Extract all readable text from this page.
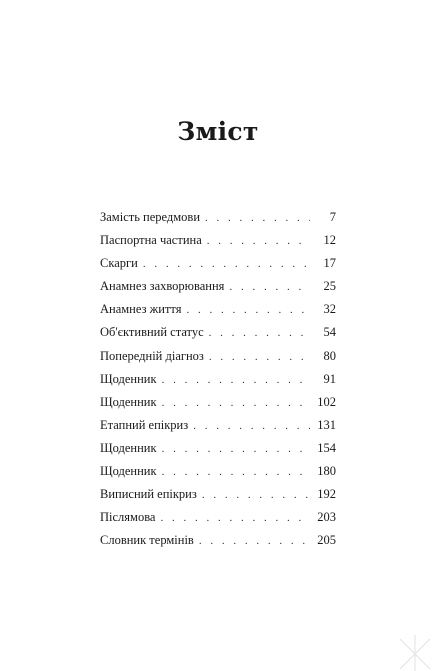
Зміст
Замість передмови . . .	7
Паспортна частина . . .	12
Скарги . . .	17
Анамнез захворювання . . .	25
Анамнез життя . . .	32
Об'єктивний статус . . .	54
Попередній діагноз . . .	80
Щоденник . . .	91
Щоденник . . .	102
Етапний епікриз . . .	131
Щоденник . . .	154
Щоденник . . .	180
Виписний епікриз . . .	192
Післямова . . .	203
Словник термінів . . .	205
